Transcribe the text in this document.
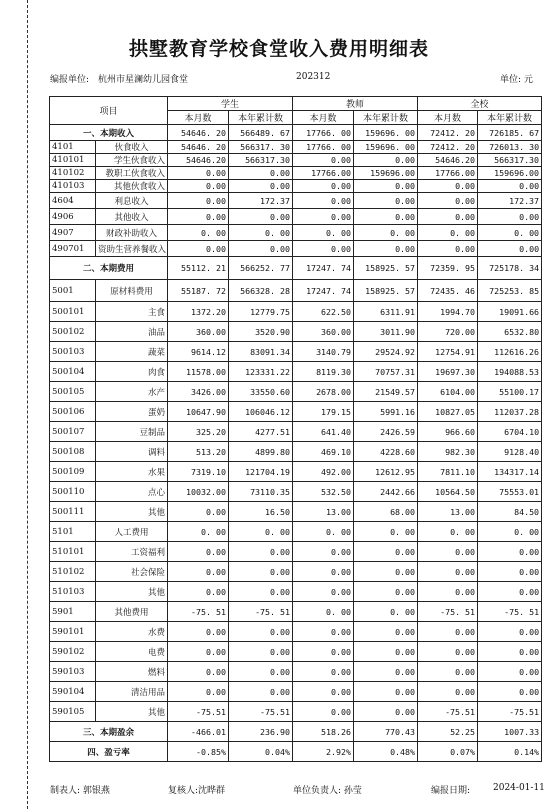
拱墅教育学校食堂收入费用明细表
编报单位: 杭州市星澜幼儿园食堂	202312	单位: 元
项目		学生		教师		全校	
		本月数	本年累计数	本月数	本年累计数	本月数	本年累计数
一、本期收入		54646. 20	566489. 67	17766. 00	159696. 00	72412. 20	726185. 67
4101	伙食收入	54646. 20	566317. 30	17766. 00	159696. 00	72412. 20	726013. 30
410101	学生伙食收入	54646.20	566317.30	0.00	0.00	54646.20	566317.30
410102	教职工伙食收入	0.00	0.00	17766.00	159696.00	17766.00	159696.00
410103	其他伙食收入	0.00	0.00	0.00	0.00	0.00	0.00
4604	利息收入	0.00	172.37	0.00	0.00	0.00	172.37
4906	其他收入	0.00	0.00	0.00	0.00	0.00	0.00
4907	财政补助收入	0. 00	0. 00	0. 00	0. 00	0. 00	0. 00
490701	资助生营养餐收入	0.00	0.00	0.00	0.00	0.00	0.00
二、本期费用		55112. 21	566252. 77	17247. 74	158925. 57	72359. 95	725178. 34
5001	原材料费用	55187. 72	566328. 28	17247. 74	158925. 57	72435. 46	725253. 85
500101	主食	1372.20	12779.75	622.50	6311.91	1994.70	19091.66
500102	油品	360.00	3520.90	360.00	3011.90	720.00	6532.80
500103	蔬菜	9614.12	83091.34	3140.79	29524.92	12754.91	112616.26
500104	肉食	11578.00	123331.22	8119.30	70757.31	19697.30	194088.53
500105	水产	3426.00	33550.60	2678.00	21549.57	6104.00	55100.17
500106	蛋奶	10647.90	106046.12	179.15	5991.16	10827.05	112037.28
500107	豆制品	325.20	4277.51	641.40	2426.59	966.60	6704.10
500108	调料	513.20	4899.80	469.10	4228.60	982.30	9128.40
500109	水果	7319.10	121704.19	492.00	12612.95	7811.10	134317.14
500110	点心	10032.00	73110.35	532.50	2442.66	10564.50	75553.01
500111	其他	0.00	16.50	13.00	68.00	13.00	84.50
5101	人工费用	0. 00	0. 00	0. 00	0. 00	0. 00	0. 00
510101	工资福利	0.00	0.00	0.00	0.00	0.00	0.00
510102	社会保险	0.00	0.00	0.00	0.00	0.00	0.00
510103	其他	0.00	0.00	0.00	0.00	0.00	0.00
5901	其他费用	-75. 51	-75. 51	0. 00	0. 00	-75. 51	-75. 51
590101	水费	0.00	0.00	0.00	0.00	0.00	0.00
590102	电费	0.00	0.00	0.00	0.00	0.00	0.00
590103	燃料	0.00	0.00	0.00	0.00	0.00	0.00
590104	清洁用品	0.00	0.00	0.00	0.00	0.00	0.00
590105	其他	-75.51	-75.51	0.00	0.00	-75.51	-75.51
三、本期盈余		-466.01	236.90	518.26	770.43	52.25	1007.33
四、盈亏率		-0.85%	0.04%	2.92%	0.48%	0.07%	0.14%
制表人: 郭银燕	复核人:沈晔群	单位负责人: 孙莹	编报日期:	2024-01-11
